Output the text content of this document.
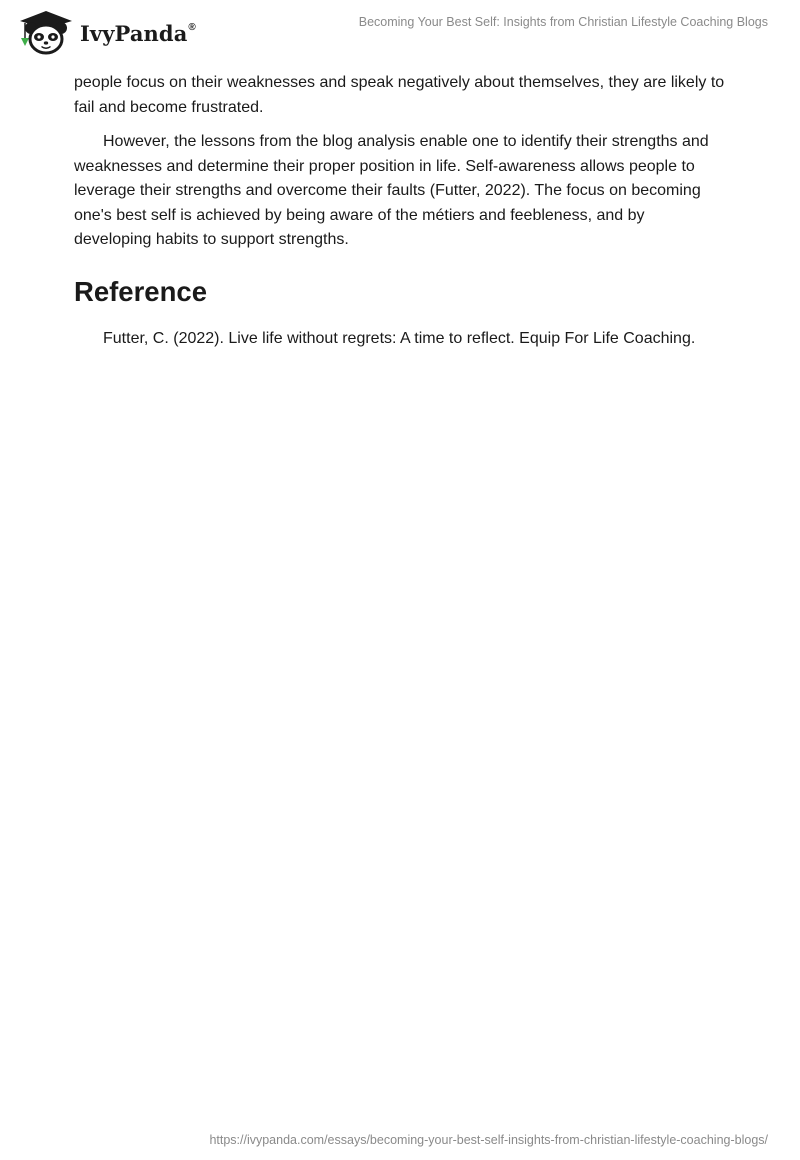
IvyPanda®	Becoming Your Best Self: Insights from Christian Lifestyle Coaching Blogs

people focus on their weaknesses and speak negatively about themselves, they are likely to fail and become frustrated.

However, the lessons from the blog analysis enable one to identify their strengths and weaknesses and determine their proper position in life. Self-awareness allows people to leverage their strengths and overcome their faults (Futter, 2022). The focus on becoming one's best self is achieved by being aware of the métiers and feebleness, and by developing habits to support strengths.

Reference

Futter, C. (2022). Live life without regrets: A time to reflect. Equip For Life Coaching.

https://ivypanda.com/essays/becoming-your-best-self-insights-from-christian-lifestyle-coaching-blogs/
